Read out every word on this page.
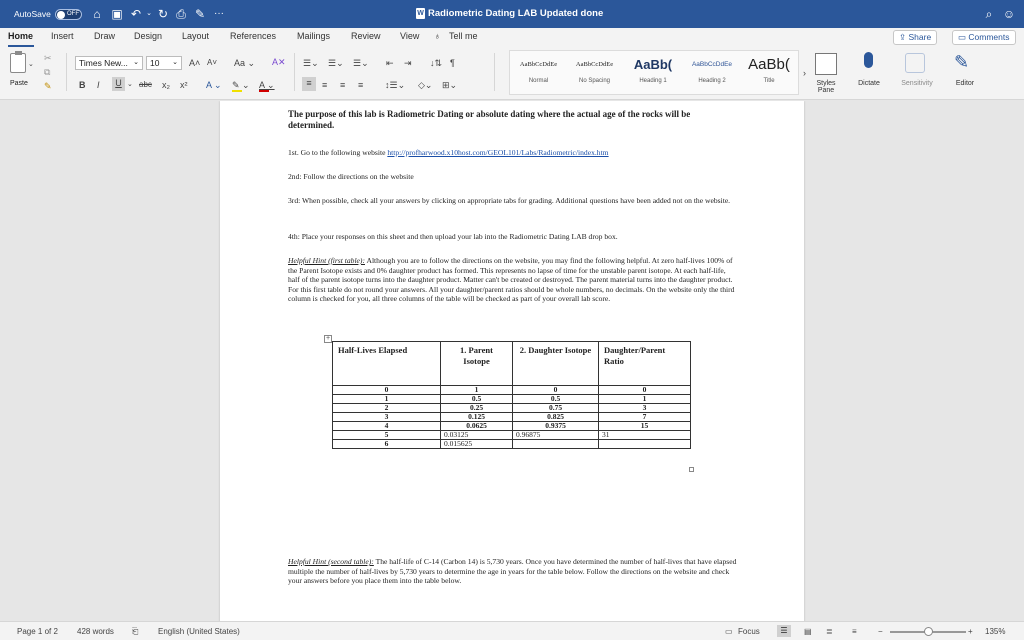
AutoSave	OFF ⌂ ▣ ↶ ⌄ ↻ ⎙ ✎ ···	W Radiometric Dating LAB Updated done	⌕ ☺
Home Insert Draw Design Layout References Mailings Review View ♁ Tell me	⇪ Share	▭ Comments
⌄
Paste
✂
⧉
✎
Times New... ⌄	10 ⌄ A˄ A˅ Aa ⌄ A✕
B I	U ⌄ abc x₂ x² A ⌄ ✎ ⌄ A ⌄
☰⌄ ☰⌄ ☰⌄ ⇤ ⇥ ↓⇅ ¶
≡	≡ ≡ ≡ ↕☰⌄ ◇⌄ ⊞⌄
AaBbCcDdEe
Normal
AaBbCcDdEe
No Spacing
AaBb(
Heading 1
AaBbCcDdEe
Heading 2
AaBb(
Title
›
Styles Pane
Dictate	Sensitivity
✎
Editor
The purpose of this lab is Radiometric Dating or absolute dating where the actual age of the rocks will be determined.
1st. Go to the following website http://profharwood.x10host.com/GEOL101/Labs/Radiometric/index.htm
2nd: Follow the directions on the website
3rd: When possible, check all your answers by clicking on appropriate tabs for grading. Additional questions have been added not on the website.
4th: Place your responses on this sheet and then upload your lab into the Radiometric Dating LAB drop box.
Helpful Hint (first table): Although you are to follow the directions on the website, you may find the following helpful. At zero half-lives 100% of the Parent Isotope exists and 0% daughter product has formed. This represents no lapse of time for the unstable parent isotope. At each half-life, half of the parent isotope turns into the daughter product. Matter can't be created or destroyed. The parent material turns into the daughter product. For this first table do not round your answers. All your daughter/parent ratios should be whole numbers, no decimals. On the website only the third column is checked for you, all three columns of the table will be checked as part of your overall lab score.
+
Half-Lives Elapsed	1. Parent Isotope	2. Daughter Isotope	Daughter/Parent Ratio
0	1	0	0
1	0.5	0.5	1
2	0.25	0.75	3
3	0.125	0.825	7
4	0.0625	0.9375	15
5	0.03125	0.96875	31
6	0.015625		
Helpful Hint (second table): The half-life of C-14 (Carbon 14) is 5,730 years. Once you have determined the number of half-lives that have elapsed multiple the number of half-lives by 5,730 years to determine the age in years for the table below. Follow the directions on the website and check your answers before you place them into the table below.
Page 1 of 2 428 words ⎗ English (United States)	▭ Focus	☰	▤ ≣ ≡	−	+ 135%
